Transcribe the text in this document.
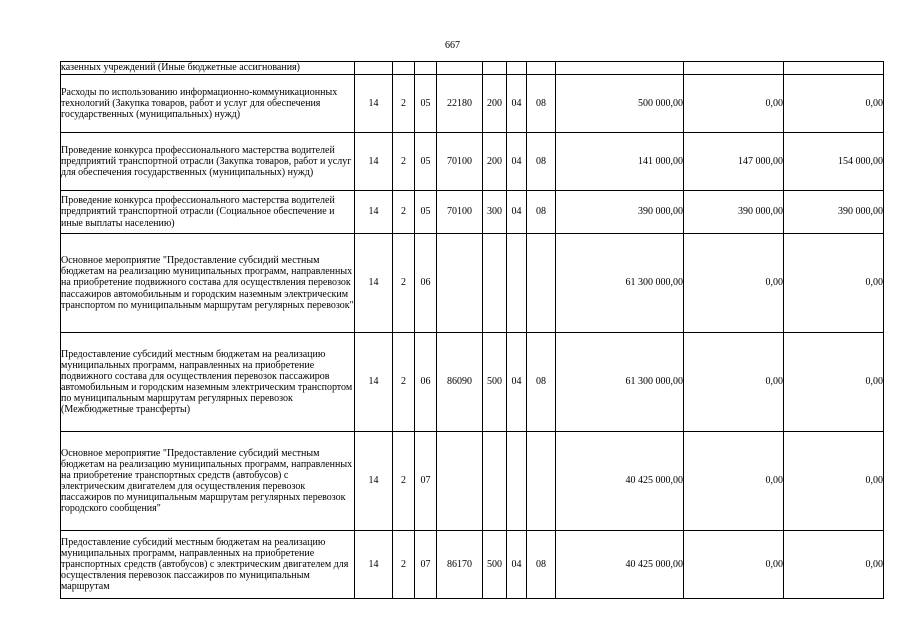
667
казенных учреждений (Иные бюджетные ассигнования)										
Расходы по использованию информационно-коммуникационных технологий (Закупка товаров, работ и услуг для обеспечения государственных (муниципальных) нужд)	14	2	05	22180	200	04	08	500 000,00	0,00	0,00
Проведение конкурса профессионального мастерства водителей предприятий транспортной отрасли (Закупка товаров, работ и услуг для обеспечения государственных (муниципальных) нужд)	14	2	05	70100	200	04	08	141 000,00	147 000,00	154 000,00
Проведение конкурса профессионального мастерства водителей предприятий транспортной отрасли (Социальное обеспечение и иные выплаты населению)	14	2	05	70100	300	04	08	390 000,00	390 000,00	390 000,00
Основное мероприятие "Предоставление субсидий местным бюджетам на реализацию муниципальных программ, направленных на приобретение подвижного состава для осуществления перевозок пассажиров автомобильным и городским наземным электрическим транспортом по муниципальным маршрутам регулярных перевозок"	14	2	06					61 300 000,00	0,00	0,00
Предоставление субсидий местным бюджетам на реализацию муниципальных программ, направленных на приобретение подвижного состава для осуществления перевозок пассажиров автомобильным и городским наземным электрическим транспортом по муниципальным маршрутам регулярных перевозок (Межбюджетные трансферты)	14	2	06	86090	500	04	08	61 300 000,00	0,00	0,00
Основное мероприятие "Предоставление субсидий местным бюджетам на реализацию муниципальных программ, направленных на приобретение транспортных средств (автобусов) с электрическим двигателем для осуществления перевозок пассажиров по муниципальным маршрутам регулярных перевозок городского сообщения"	14	2	07					40 425 000,00	0,00	0,00
Предоставление субсидий местным бюджетам на реализацию муниципальных программ, направленных на приобретение транспортных средств (автобусов) с электрическим двигателем для осуществления перевозок пассажиров по муниципальным маршрутам	14	2	07	86170	500	04	08	40 425 000,00	0,00	0,00
